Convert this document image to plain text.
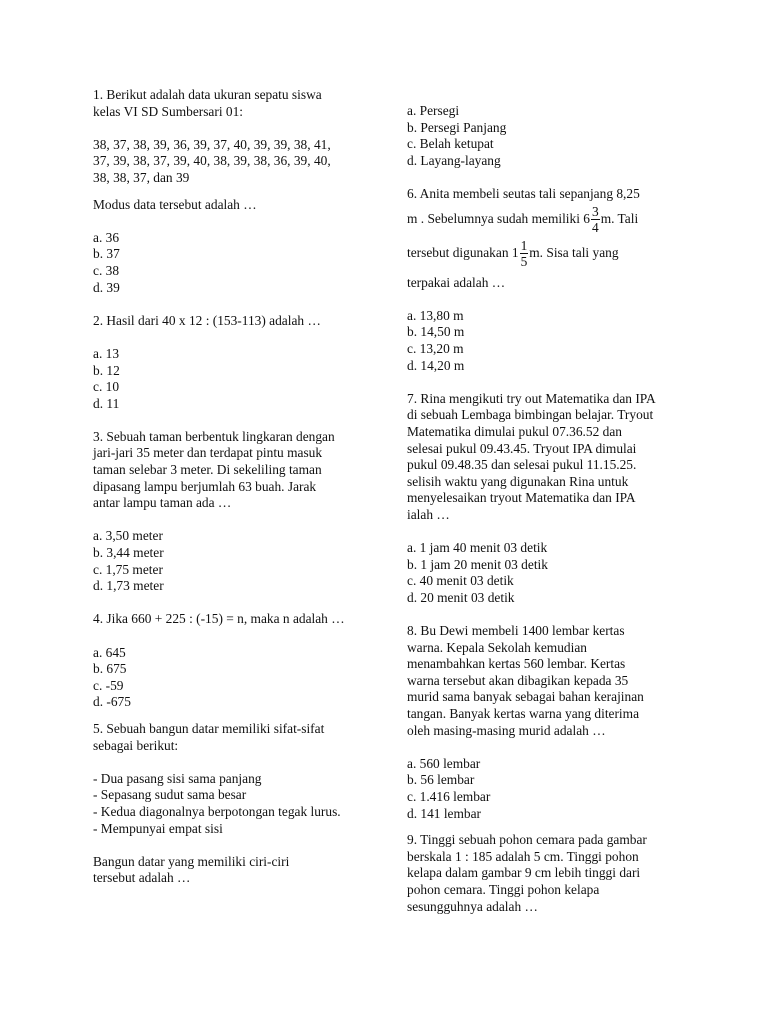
1. Berikut adalah data ukuran sepatu siswa
kelas VI SD Sumbersari 01:
38, 37, 38, 39, 36, 39, 37, 40, 39, 39, 38, 41,
37, 39, 38, 37, 39, 40, 38, 39, 38, 36, 39, 40,
38, 38, 37, dan 39
Modus data tersebut adalah …
a. 36
b. 37
c. 38
d. 39
2. Hasil dari 40 x 12 : (153-113) adalah …
a. 13
b. 12
c. 10
d. 11
3. Sebuah taman berbentuk lingkaran dengan
jari-jari 35 meter dan terdapat pintu masuk
taman selebar 3 meter. Di sekeliling taman
dipasang lampu berjumlah 63 buah. Jarak
antar lampu taman ada …
a. 3,50 meter
b. 3,44 meter
c. 1,75 meter
d. 1,73 meter
4. Jika 660 + 225 : (-15) = n, maka n adalah …
a. 645
b. 675
c. -59
d. -675
5. Sebuah bangun datar memiliki sifat-sifat
sebagai berikut:
- Dua pasang sisi sama panjang
- Sepasang sudut sama besar
- Kedua diagonalnya berpotongan tegak lurus.
- Mempunyai empat sisi
Bangun datar yang memiliki ciri-ciri
tersebut adalah …
a. Persegi
b. Persegi Panjang
c. Belah ketupat
d. Layang-layang
6. Anita membeli seutas tali sepanjang 8,25
m . Sebelumnya sudah memiliki $6 \frac{3}{4} m$. Tali
tersebut digunakan $1 \frac{1}{5} m$. Sisa tali yang
terpakai adalah …
a. 13,80 m
b. 14,50 m
c. 13,20 m
d. 14,20 m
7. Rina mengikuti try out Matematika dan IPA
di sebuah Lembaga bimbingan belajar. Tryout
Matematika dimulai pukul 07.36.52 dan
selesai pukul 09.43.45. Tryout IPA dimulai
pukul 09.48.35 dan selesai pukul 11.15.25.
selisih waktu yang digunakan Rina untuk
menyelesaikan tryout Matematika dan IPA
ialah …
a. 1 jam 40 menit 03 detik
b. 1 jam 20 menit 03 detik
c. 40 menit 03 detik
d. 20 menit 03 detik
8. Bu Dewi membeli 1400 lembar kertas
warna. Kepala Sekolah kemudian
menambahkan kertas 560 lembar. Kertas
warna tersebut akan dibagikan kepada 35
murid sama banyak sebagai bahan kerajinan
tangan. Banyak kertas warna yang diterima
oleh masing-masing murid adalah …
a. 560 lembar
b. 56 lembar
c. 1.416 lembar
d. 141 lembar
9. Tinggi sebuah pohon cemara pada gambar
berskala 1 : 185 adalah 5 cm. Tinggi pohon
kelapa dalam gambar 9 cm lebih tinggi dari
pohon cemara. Tinggi pohon kelapa
sesungguhnya adalah …
